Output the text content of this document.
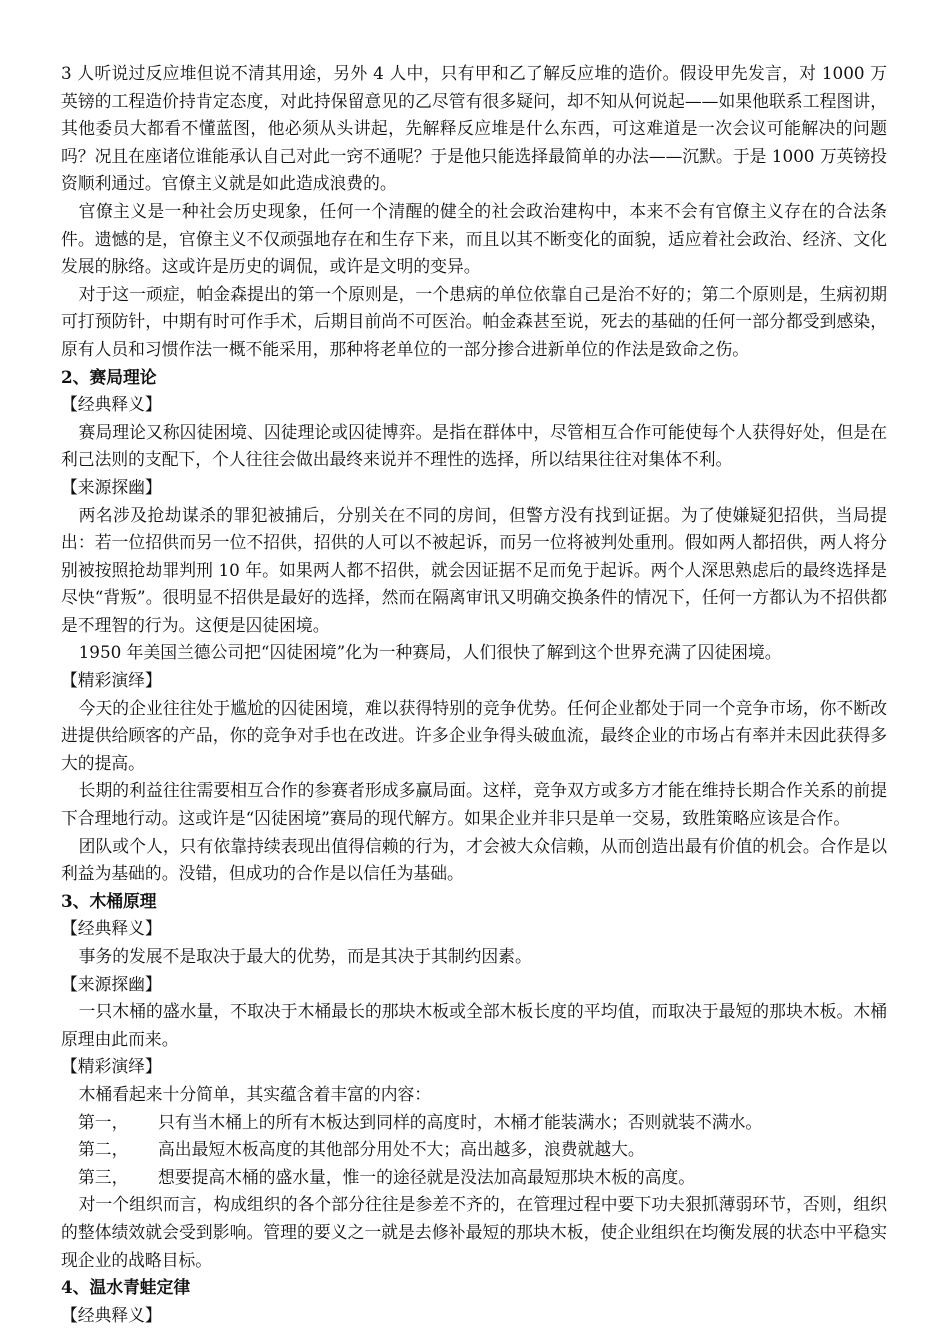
3 人听说过反应堆但说不清其用途，另外 4 人中，只有甲和乙了解反应堆的造价。假设甲先发言，对 1000 万英镑的工程造价持肯定态度，对此持保留意见的乙尽管有很多疑问，却不知从何说起——如果他联系工程图讲，其他委员大都看不懂蓝图，他必须从头讲起，先解释反应堆是什么东西，可这难道是一次会议可能解决的问题吗？况且在座诸位谁能承认自己对此一窍不通呢？于是他只能选择最简单的办法——沉默。于是 1000 万英镑投资顺利通过。官僚主义就是如此造成浪费的。

官僚主义是一种社会历史现象，任何一个清醒的健全的社会政治建构中，本来不会有官僚主义存在的合法条件。遗憾的是，官僚主义不仅顽强地存在和生存下来，而且以其不断变化的面貌，适应着社会政治、经济、文化发展的脉络。这或许是历史的调侃，或许是文明的变异。

对于这一顽症，帕金森提出的第一个原则是，一个患病的单位依靠自己是治不好的；第二个原则是，生病初期可打预防针，中期有时可作手术，后期目前尚不可医治。帕金森甚至说，死去的基础的任何一部分都受到感染，原有人员和习惯作法一概不能采用，那种将老单位的一部分掺合进新单位的作法是致命之伤。

2、赛局理论

【经典释义】

赛局理论又称囚徒困境、囚徒理论或囚徒博弈。是指在群体中，尽管相互合作可能使每个人获得好处，但是在利己法则的支配下，个人往往会做出最终来说并不理性的选择，所以结果往往对集体不利。

【来源探幽】

两名涉及抢劫谋杀的罪犯被捕后，分别关在不同的房间，但警方没有找到证据。为了使嫌疑犯招供，当局提出：若一位招供而另一位不招供，招供的人可以不被起诉，而另一位将被判处重刑。假如两人都招供，两人将分别被按照抢劫罪判刑 10 年。如果两人都不招供，就会因证据不足而免于起诉。两个人深思熟虑后的最终选择是尽快“背叛”。很明显不招供是最好的选择，然而在隔离审讯又明确交换条件的情况下，任何一方都认为不招供都是不理智的行为。这便是囚徒困境。

1950 年美国兰德公司把“囚徒困境”化为一种赛局，人们很快了解到这个世界充满了囚徒困境。

【精彩演绎】

今天的企业往往处于尴尬的囚徒困境，难以获得特别的竞争优势。任何企业都处于同一个竞争市场，你不断改进提供给顾客的产品，你的竞争对手也在改进。许多企业争得头破血流，最终企业的市场占有率并未因此获得多大的提高。

长期的利益往往需要相互合作的参赛者形成多赢局面。这样，竞争双方或多方才能在维持长期合作关系的前提下合理地行动。这或许是“囚徒困境”赛局的现代解方。如果企业并非只是单一交易，致胜策略应该是合作。

团队或个人，只有依靠持续表现出值得信赖的行为，才会被大众信赖，从而创造出最有价值的机会。合作是以利益为基础的。没错，但成功的合作是以信任为基础。

3、木桶原理

【经典释义】

事务的发展不是取决于最大的优势，而是其决于其制约因素。

【来源探幽】

一只木桶的盛水量，不取决于木桶最长的那块木板或全部木板长度的平均值，而取决于最短的那块木板。木桶原理由此而来。

【精彩演绎】

木桶看起来十分简单，其实蕴含着丰富的内容：

第一，	只有当木桶上的所有木板达到同样的高度时，木桶才能装满水；否则就装不满水。
第二，	高出最短木板高度的其他部分用处不大；高出越多，浪费就越大。
第三，	想要提高木桶的盛水量，惟一的途径就是没法加高最短那块木板的高度。

对一个组织而言，构成组织的各个部分往往是参差不齐的，在管理过程中要下功夫狠抓薄弱环节，否则，组织的整体绩效就会受到影响。管理的要义之一就是去修补最短的那块木板，使企业组织在均衡发展的状态中平稳实现企业的战略目标。

4、温水青蛙定律

【经典释义】
